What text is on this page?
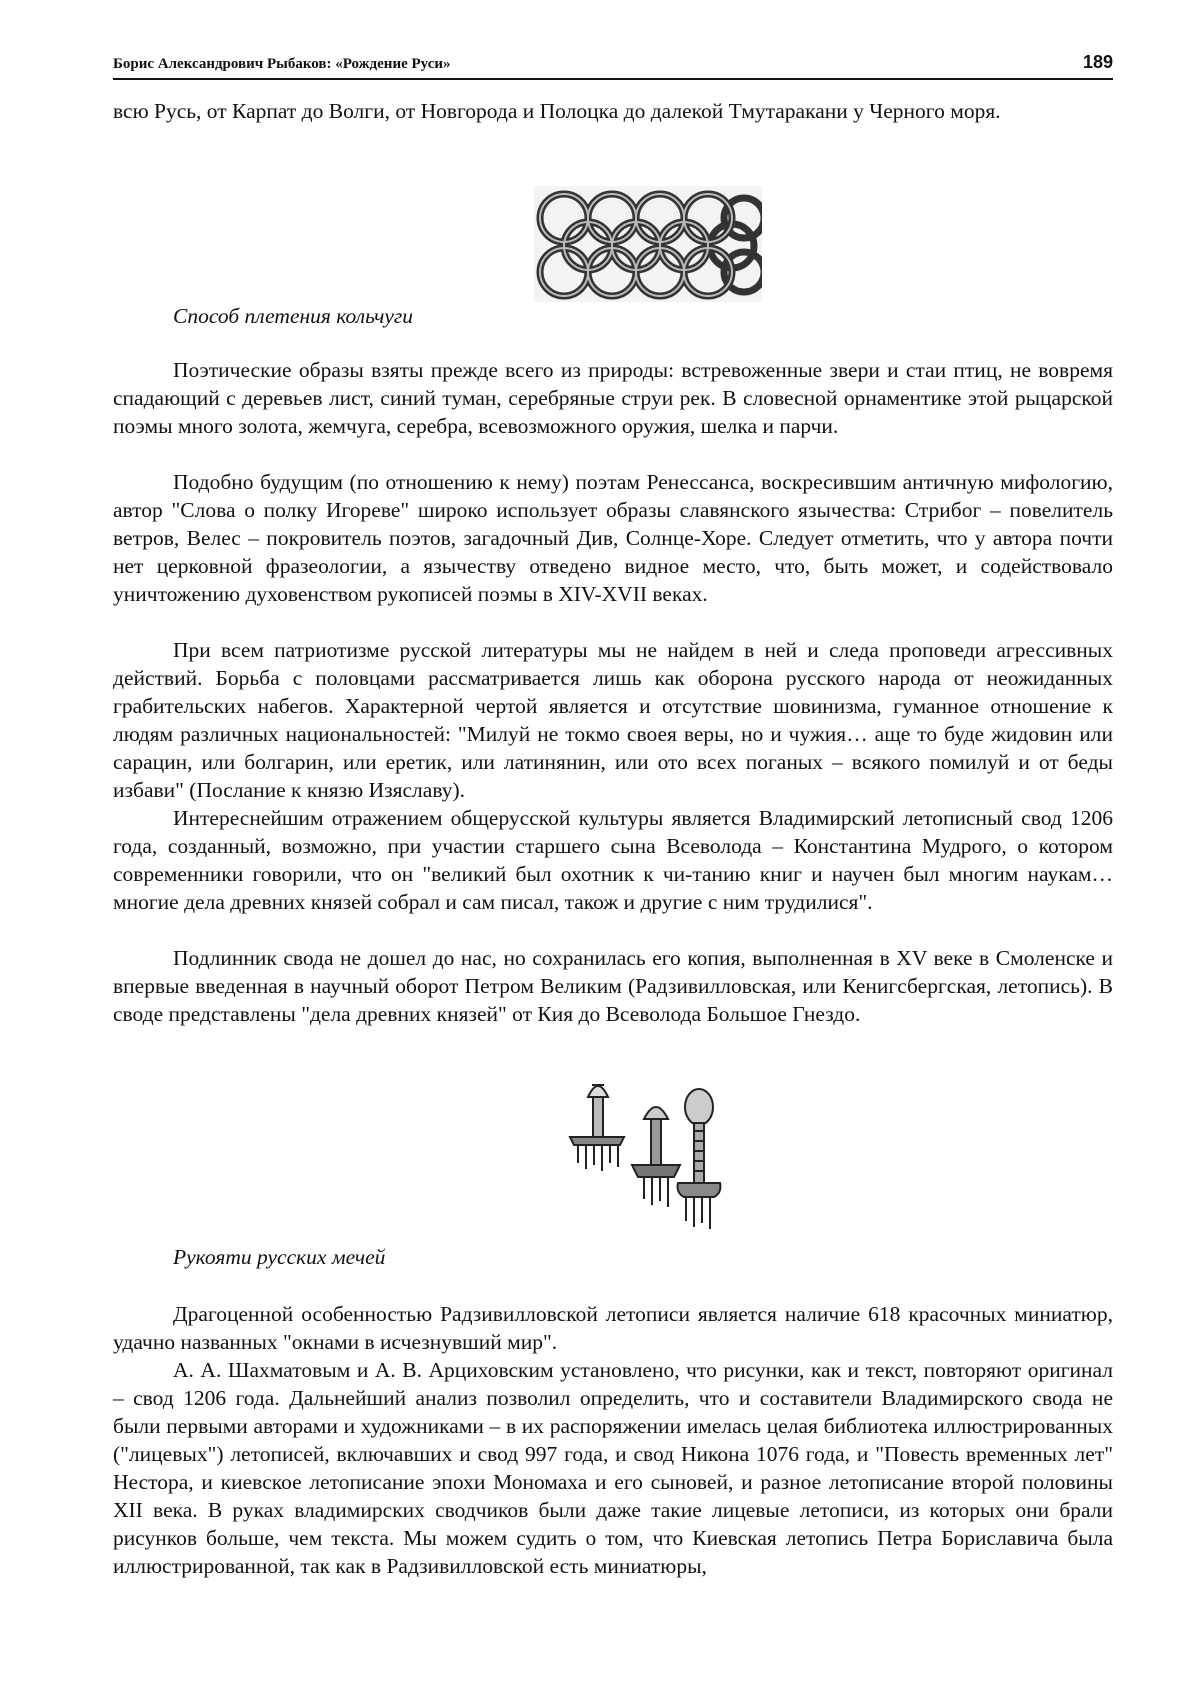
Борис Александрович Рыбаков: «Рождение Руси»	189

всю Русь, от Карпат до Волги, от Новгорода и Полоцка до далекой Тмутаракани у Черного моря.

Способ плетения кольчуги

Поэтические образы взяты прежде всего из природы: встревоженные звери и стаи птиц, не вовремя спадающий с деревьев лист, синий туман, серебряные струи рек. В словесной орнаментике этой рыцарской поэмы много золота, жемчуга, серебра, всевозможного оружия, шелка и парчи.

Подобно будущим (по отношению к нему) поэтам Ренессанса, воскресившим античную мифологию, автор "Слова о полку Игореве" широко использует образы славянского язычества: Стрибог – повелитель ветров, Велес – покровитель поэтов, загадочный Див, Солнце-Хоре. Следует отметить, что у автора почти нет церковной фразеологии, а язычеству отведено видное место, что, быть может, и содействовало уничтожению духовенством рукописей поэмы в XIV-XVII веках.

При всем патриотизме русской литературы мы не найдем в ней и следа проповеди агрессивных действий. Борьба с половцами рассматривается лишь как оборона русского народа от неожиданных грабительских набегов. Характерной чертой является и отсутствие шовинизма, гуманное отношение к людям различных национальностей: "Милуй не токмо своея веры, но и чужия… аще то буде жидовин или сарацин, или болгарин, или еретик, или латинянин, или ото всех поганых – всякого помилуй и от беды избави" (Послание к князю Изяславу).

Интереснейшим отражением общерусской культуры является Владимирский летописный свод 1206 года, созданный, возможно, при участии старшего сына Всеволода – Константина Мудрого, о котором современники говорили, что он "великий был охотник к чи-танию книг и научен был многим наукам… многие дела древних князей собрал и сам писал, також и другие с ним трудилися".

Подлинник свода не дошел до нас, но сохранилась его копия, выполненная в XV веке в Смоленске и впервые введенная в научный оборот Петром Великим (Радзивилловская, или Кенигсбергская, летопись). В своде представлены "дела древних князей" от Кия до Всеволода Большое Гнездо.

Рукояти русских мечей

Драгоценной особенностью Радзивилловской летописи является наличие 618 красочных миниатюр, удачно названных "окнами в исчезнувший мир".

А. А. Шахматовым и А. В. Арциховским установлено, что рисунки, как и текст, повторяют оригинал – свод 1206 года. Дальнейший анализ позволил определить, что и составители Владимирского свода не были первыми авторами и художниками – в их распоряжении имелась целая библиотека иллюстрированных ("лицевых") летописей, включавших и свод 997 года, и свод Никона 1076 года, и "Повесть временных лет" Нестора, и киевское летописание эпохи Мономаха и его сыновей, и разное летописание второй половины XII века. В руках владимирских сводчиков были даже такие лицевые летописи, из которых они брали рисунков больше, чем текста. Мы можем судить о том, что Киевская летопись Петра Бориславича была иллюстрированной, так как в Радзивилловской есть миниатюры,
